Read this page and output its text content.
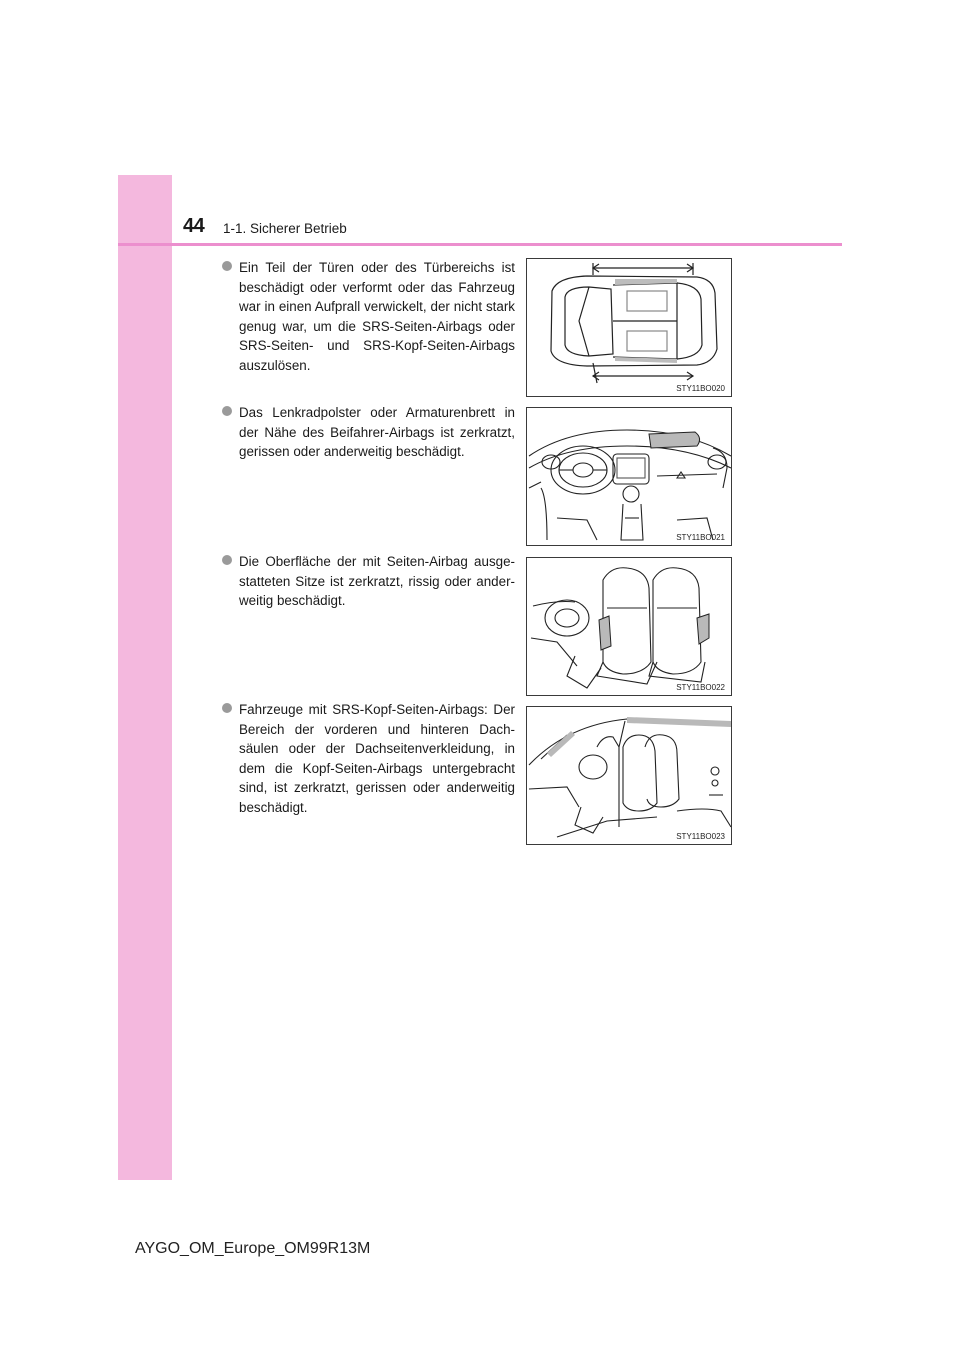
44 1-1. Sicherer Betrieb

Ein Teil der Türen oder des Türbereichs ist beschädigt oder verformt oder das Fahrzeug war in einen Aufprall verwickelt, der nicht stark genug war, um die SRS-Seiten-Airbags oder SRS-Seiten- und SRS-Kopf-Seiten-Airbags auszulösen.

STY11BO020

Das Lenkradpolster oder Armaturenbrett in der Nähe des Beifahrer-Airbags ist zerkratzt, gerissen oder anderweitig beschädigt.

STY11BO021

Die Oberfläche der mit Seiten-Airbag ausge-statteten Sitze ist zerkratzt, rissig oder ander-weitig beschädigt.

STY11BO022

Fahrzeuge mit SRS-Kopf-Seiten-Airbags: Der Bereich der vorderen und hinteren Dach-säulen oder der Dachseitenverkleidung, in dem die Kopf-Seiten-Airbags untergebracht sind, ist zerkratzt, gerissen oder anderweitig beschädigt.

STY11BO023
AYGO_OM_Europe_OM99R13M
